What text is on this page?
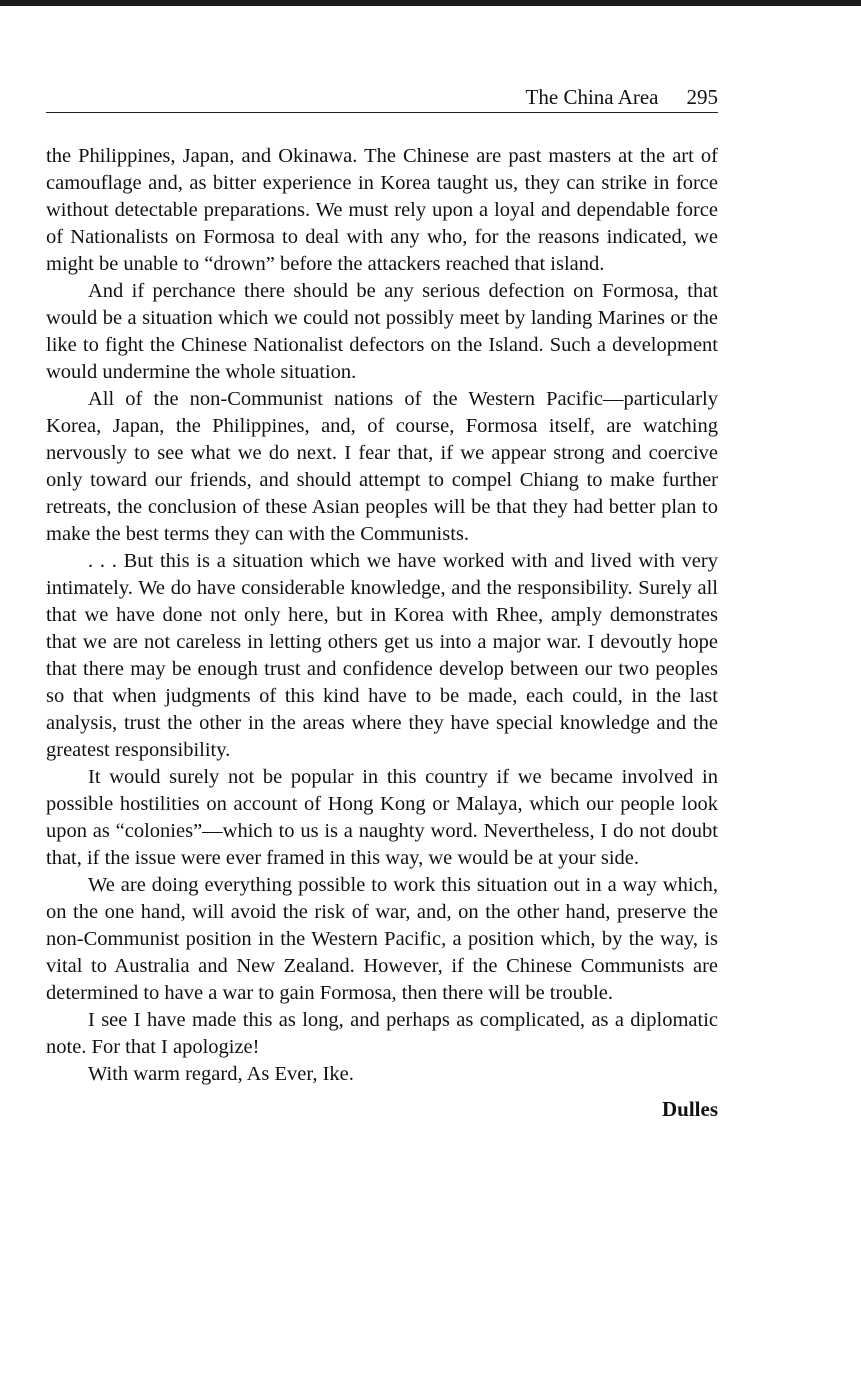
The China Area 295

the Philippines, Japan, and Okinawa. The Chinese are past masters at the art of camouflage and, as bitter experience in Korea taught us, they can strike in force without detectable preparations. We must rely upon a loyal and dependable force of Nationalists on Formosa to deal with any who, for the reasons indicated, we might be unable to “drown” before the attackers reached that island.

And if perchance there should be any serious defection on Formosa, that would be a situation which we could not possibly meet by landing Marines or the like to fight the Chinese Nationalist defectors on the Island. Such a development would undermine the whole situation.

All of the non-Communist nations of the Western Pacific—particularly Korea, Japan, the Philippines, and, of course, Formosa itself, are watching nervously to see what we do next. I fear that, if we appear strong and coercive only toward our friends, and should attempt to compel Chiang to make further retreats, the conclusion of these Asian peoples will be that they had better plan to make the best terms they can with the Communists.

. . . But this is a situation which we have worked with and lived with very intimately. We do have considerable knowledge, and the responsibility. Surely all that we have done not only here, but in Korea with Rhee, amply demonstrates that we are not careless in letting others get us into a major war. I devoutly hope that there may be enough trust and confidence develop between our two peoples so that when judgments of this kind have to be made, each could, in the last analysis, trust the other in the areas where they have special knowledge and the greatest responsibility.

It would surely not be popular in this country if we became involved in possible hostilities on account of Hong Kong or Malaya, which our people look upon as “colonies”—which to us is a naughty word. Nevertheless, I do not doubt that, if the issue were ever framed in this way, we would be at your side.

We are doing everything possible to work this situation out in a way which, on the one hand, will avoid the risk of war, and, on the other hand, preserve the non-Communist position in the Western Pacific, a position which, by the way, is vital to Australia and New Zealand. However, if the Chinese Communists are determined to have a war to gain Formosa, then there will be trouble.

I see I have made this as long, and perhaps as complicated, as a diplomatic note. For that I apologize!

With warm regard, As Ever, Ike.

Dulles
